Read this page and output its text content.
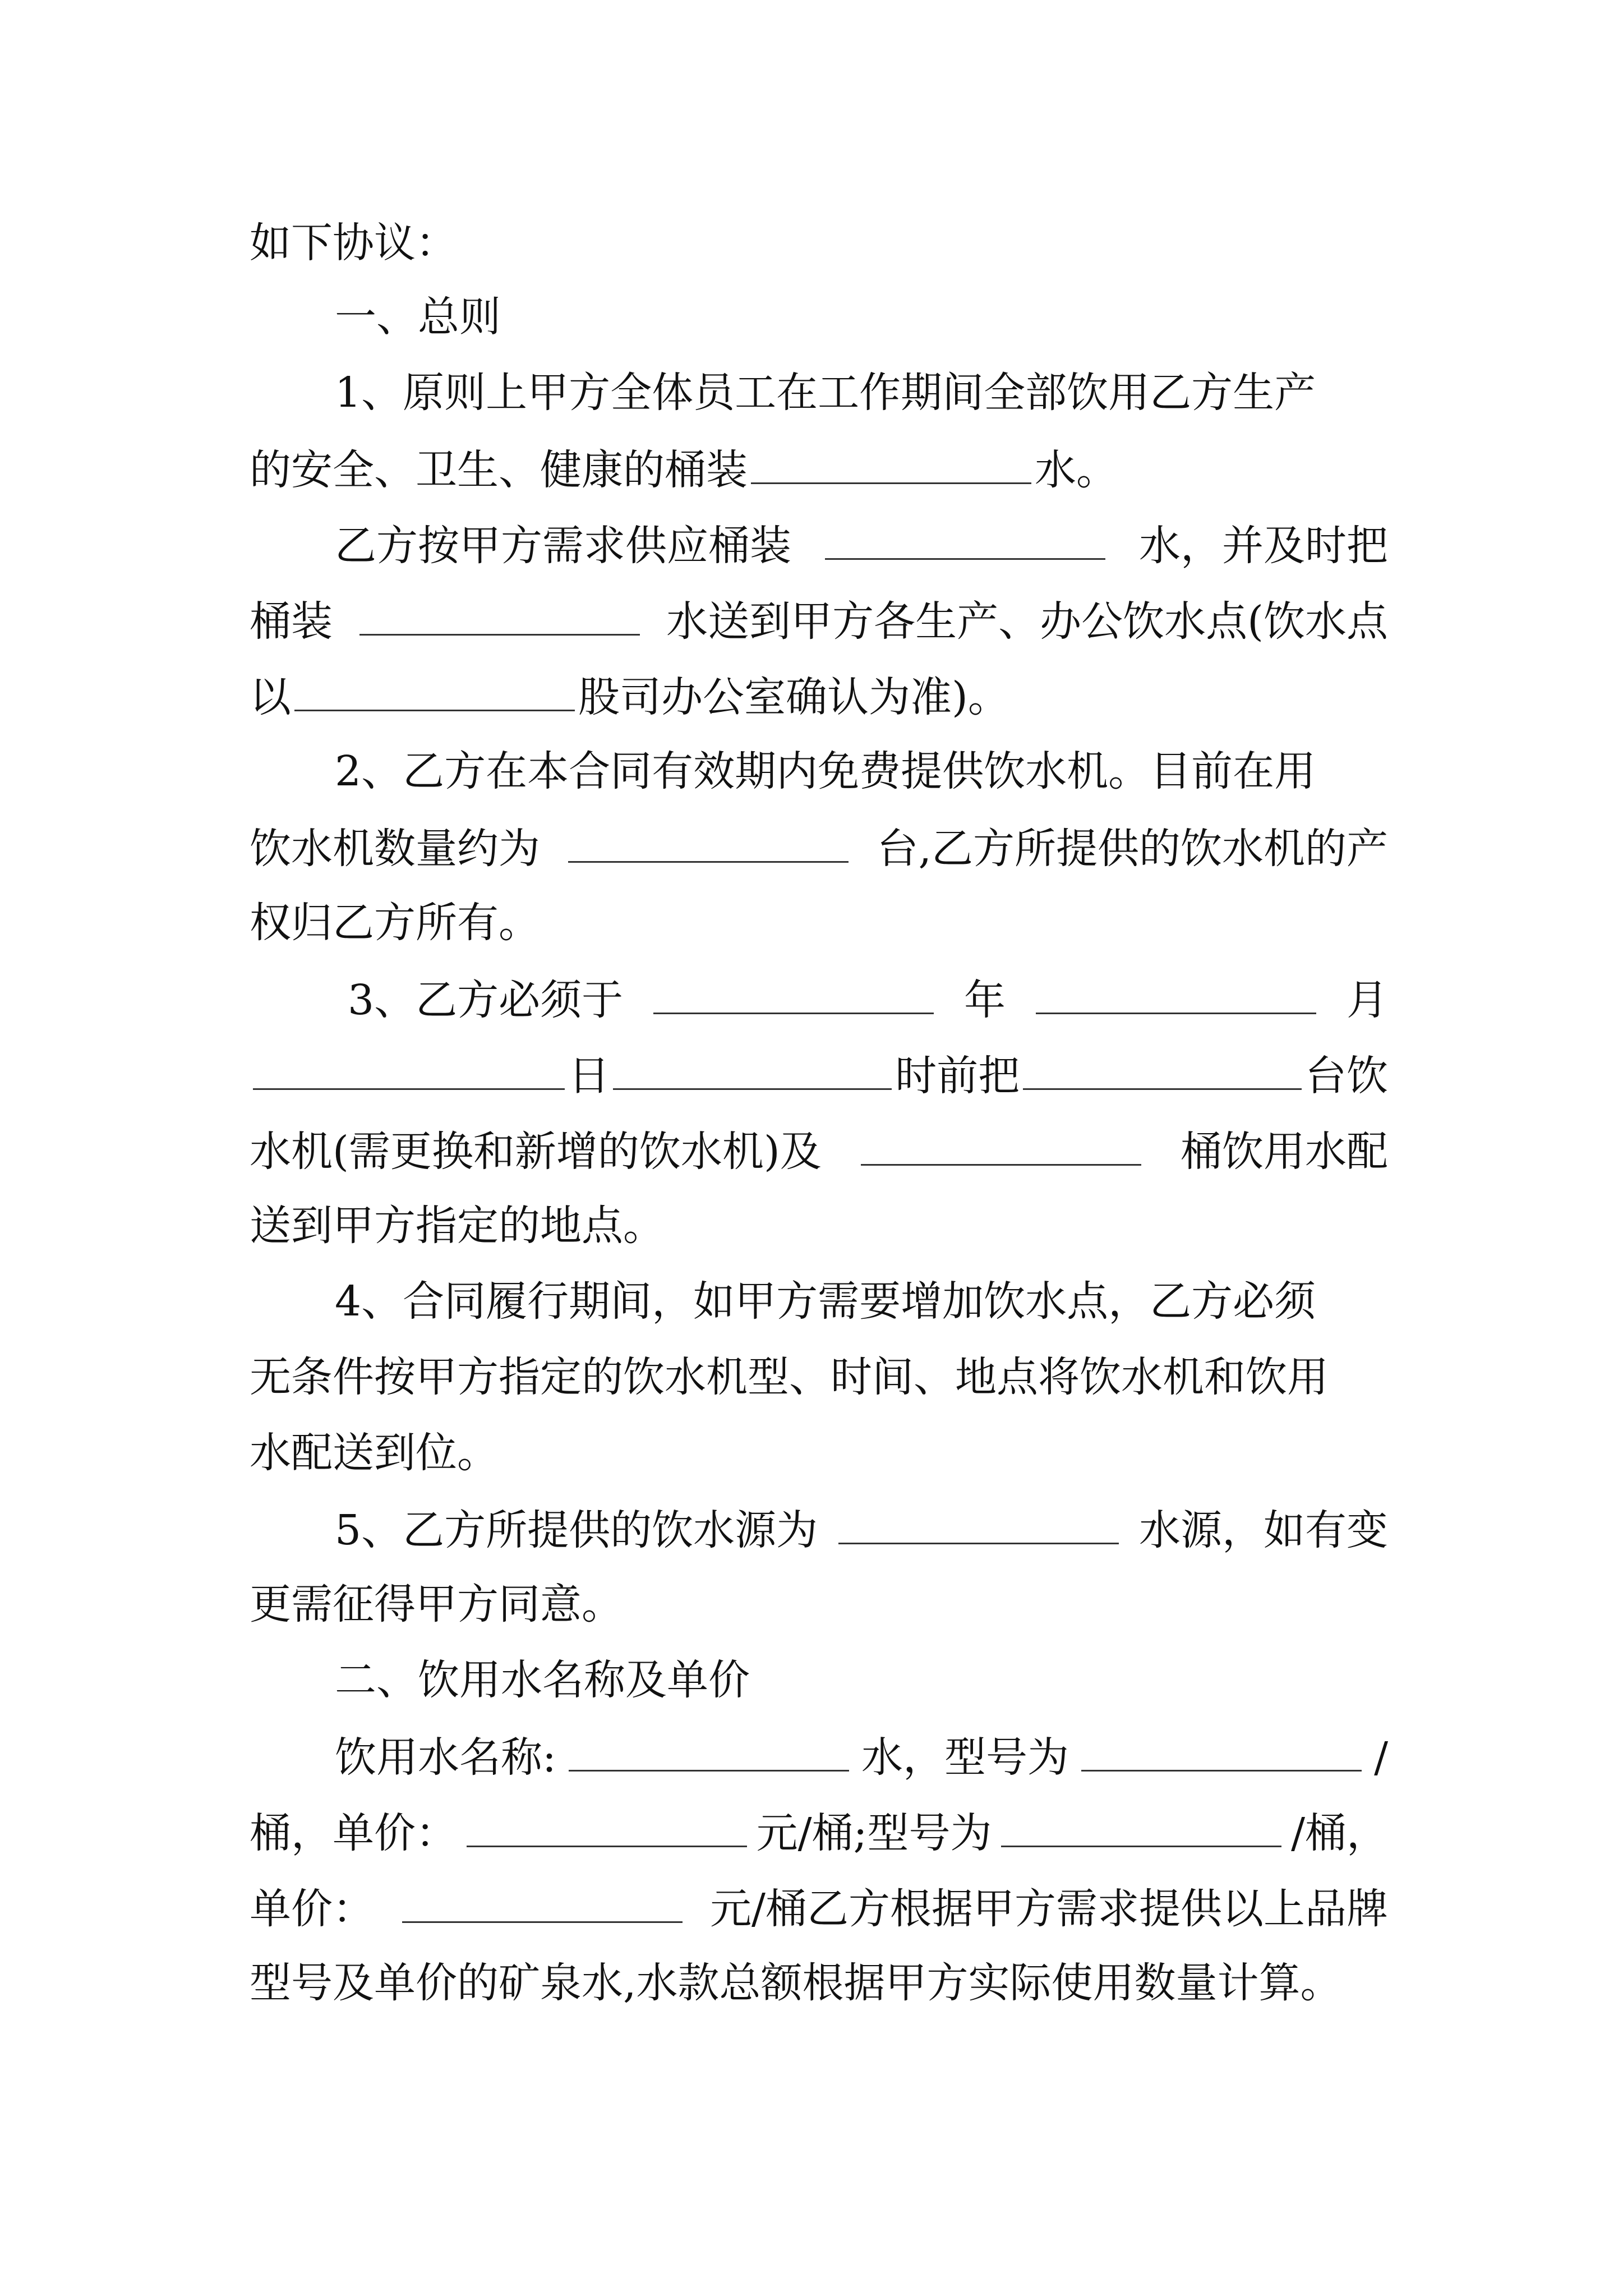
如下协议：
一、总则
1、原则上甲方全体员工在工作期间全部饮用乙方生产
的安全、卫生、健康的桶装	水。
乙方按甲方需求供应桶装	水，并及时把
桶装	水送到甲方各生产、办公饮水点(饮水点
以	股司办公室确认为准)。
2、乙方在本合同有效期内免费提供饮水机。目前在用
饮水机数量约为	台,乙方所提供的饮水机的产
权归乙方所有。
3、乙方必须于	年	月
日	时前把	台饮
水机(需更换和新增的饮水机)及	桶饮用水配
送到甲方指定的地点。
4、合同履行期间，如甲方需要增加饮水点，乙方必须
无条件按甲方指定的饮水机型、时间、地点将饮水机和饮用
水配送到位。
5、乙方所提供的饮水源为	水源，如有变
更需征得甲方同意。
二、饮用水名称及单价
饮用水名称:	水，型号为	/
桶，单价：	元/桶;型号为	/桶，
单价：	元/桶乙方根据甲方需求提供以上品牌
型号及单价的矿泉水,水款总额根据甲方实际使用数量计算。
